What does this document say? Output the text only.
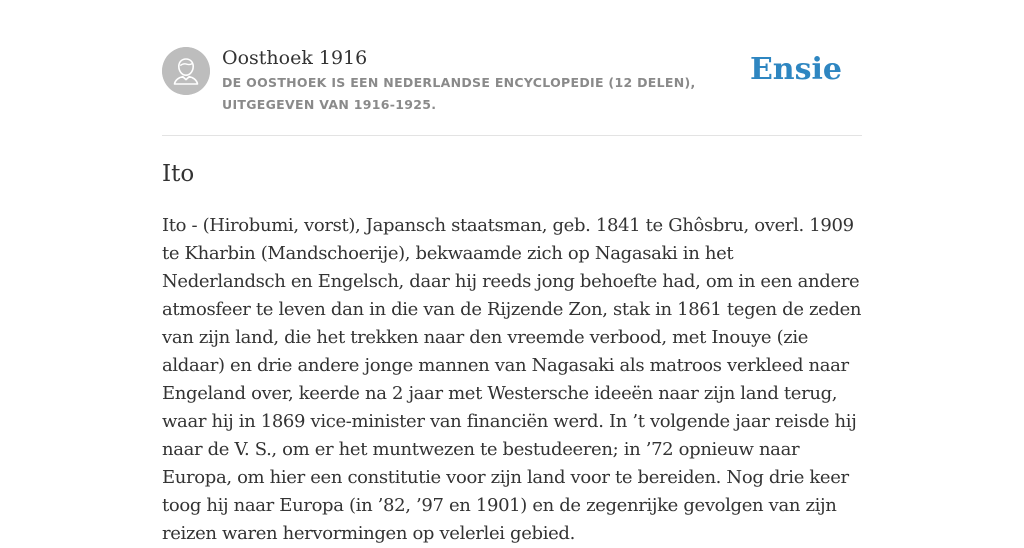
Oosthoek 1916
DE OOSTHOEK IS EEN NEDERLANDSE ENCYCLOPEDIE (12 DELEN), UITGEGEVEN VAN 1916-1925.
Ensie
Ito

Ito - (Hirobumi, vorst), Japansch staatsman, geb. 1841 te Ghôsbru, overl. 1909 te Kharbin (Mandschoerije), bekwaamde zich op Nagasaki in het Nederlandsch en Engelsch, daar hij reeds jong behoefte had, om in een andere atmosfeer te leven dan in die van de Rijzende Zon, stak in 1861 tegen de zeden van zijn land, die het trekken naar den vreemde verbood, met Inouye (zie aldaar) en drie andere jonge mannen van Nagasaki als matroos verkleed naar Engeland over, keerde na 2 jaar met Westersche ideeën naar zijn land terug, waar hij in 1869 vice-minister van financiën werd. In ’t volgende jaar reisde hij naar de V. S., om er het muntwezen te bestudeeren; in ’72 opnieuw naar Europa, om hier een constitutie voor zijn land voor te bereiden. Nog drie keer toog hij naar Europa (in ’82, ’97 en 1901) en de zegenrijke gevolgen van zijn reizen waren hervormingen op velerlei gebied.
